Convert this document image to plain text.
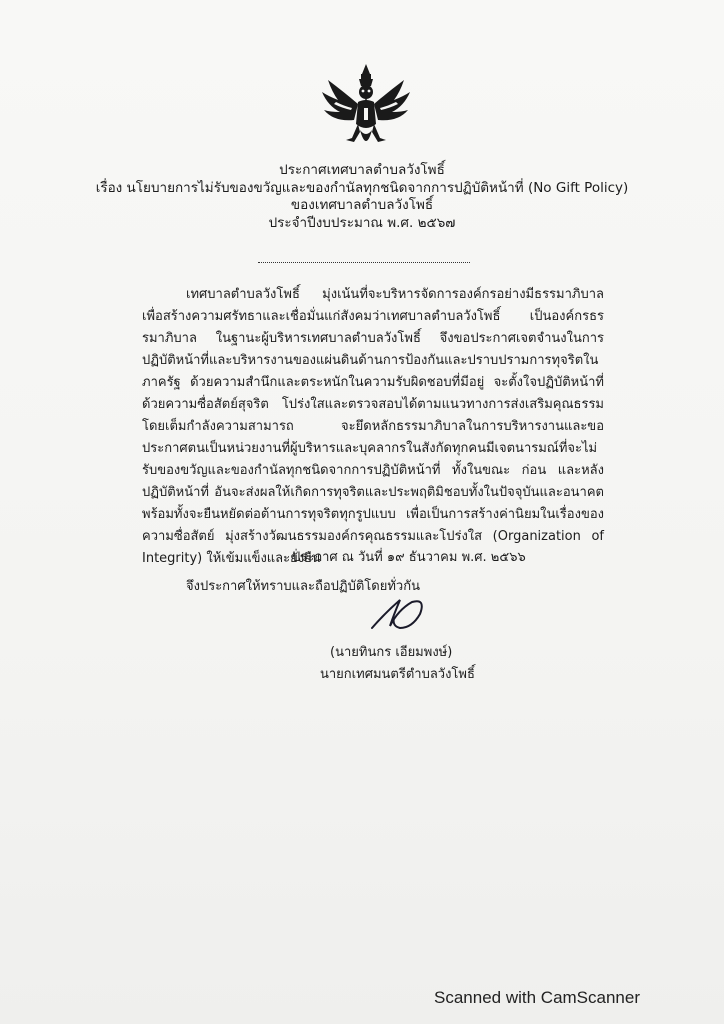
ประกาศเทศบาลตำบลวังโพธิ์

เรื่อง นโยบายการไม่รับของขวัญและของกำนัลทุกชนิดจากการปฏิบัติหน้าที่ (No Gift Policy)

ของเทศบาลตำบลวังโพธิ์

ประจำปีงบประมาณ พ.ศ. ๒๕๖๗

เทศบาลตำบลวังโพธิ์ มุ่งเน้นที่จะบริหารจัดการองค์กรอย่างมีธรรมาภิบาล เพื่อสร้างความศรัทธาและเชื่อมั่นแก่สังคมว่าเทศบาลตำบลวังโพธิ์ เป็นองค์กรธรรมาภิบาล ในฐานะผู้บริหารเทศบาลตำบลวังโพธิ์ จึงขอประกาศเจตจำนงในการปฏิบัติหน้าที่และบริหารงานของแผ่นดินด้านการป้องกันและปราบปรามการทุจริตในภาครัฐ ด้วยความสำนึกและตระหนักในความรับผิดชอบที่มีอยู่ จะตั้งใจปฏิบัติหน้าที่ด้วยความซื่อสัตย์สุจริต โปร่งใสและตรวจสอบได้ตามแนวทางการส่งเสริมคุณธรรมโดยเต็มกำลังความสามารถ จะยึดหลักธรรมาภิบาลในการบริหารงานและขอประกาศตนเป็นหน่วยงานที่ผู้บริหารและบุคลากรในสังกัดทุกคนมีเจตนารมณ์ที่จะไม่รับของขวัญและของกำนัลทุกชนิดจากการปฏิบัติหน้าที่ ทั้งในขณะ ก่อน และหลังปฏิบัติหน้าที่ อันจะส่งผลให้เกิดการทุจริตและประพฤติมิชอบทั้งในปัจจุบันและอนาคต พร้อมทั้งจะยืนหยัดต่อต้านการทุจริตทุกรูปแบบ เพื่อเป็นการสร้างค่านิยมในเรื่องของความซื่อสัตย์ มุ่งสร้างวัฒนธรรมองค์กรคุณธรรมและโปร่งใส (Organization of Integrity) ให้เข้มแข็งและยั่งยืน

จึงประกาศให้ทราบและถือปฏิบัติโดยทั่วกัน

ประกาศ ณ วันที่ ๑๙ ธันวาคม พ.ศ. ๒๕๖๖
(นายทินกร เอียมพงษ์)
นายกเทศมนตรีตำบลวังโพธิ์
Scanned with CamScanner
